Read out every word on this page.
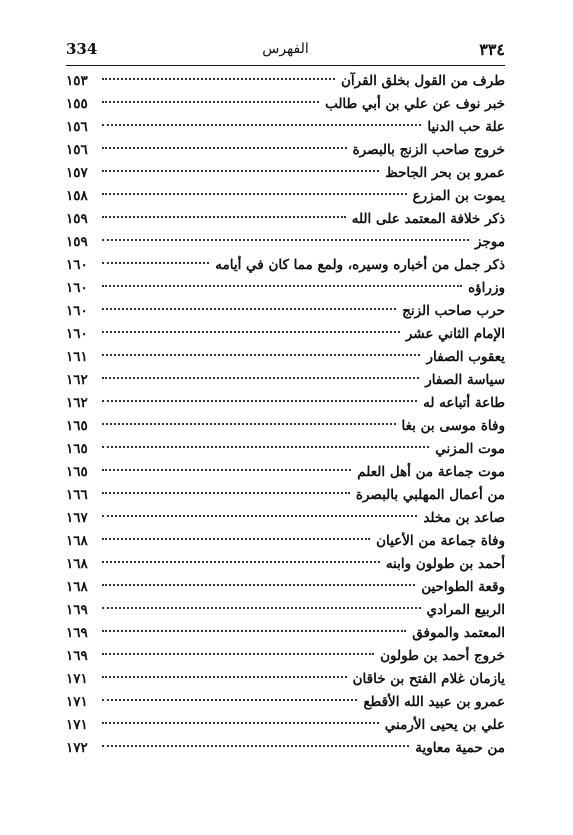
334	الفهرس	٣٣٤
طرف من القول بخلق القرآن
١٥٣
خبر نوف عن علي بن أبي طالب
١٥٥
علة حب الدنيا
١٥٦
خروج صاحب الزنج بالبصرة
١٥٦
عمرو بن بحر الجاحظ
١٥٧
يموت بن المزرع
١٥٨
ذكر خلافة المعتمد على الله
١٥٩
موجز
١٥٩
ذكر جمل من أخباره وسيره، ولمع مما كان في أيامه
١٦٠
وزراؤه
١٦٠
حرب صاحب الزنج
١٦٠
الإمام الثاني عشر
١٦٠
يعقوب الصفار
١٦١
سياسة الصفار
١٦٢
طاعة أتباعه له
١٦٢
وفاة موسى بن بغا
١٦٥
موت المزني
١٦٥
موت جماعة من أهل العلم
١٦٥
من أعمال المهلبي بالبصرة
١٦٦
صاعد بن مخلد
١٦٧
وفاة جماعة من الأعيان
١٦٨
أحمد بن طولون وابنه
١٦٨
وقعة الطواحين
١٦٨
الربيع المرادي
١٦٩
المعتمد والموفق
١٦٩
خروج أحمد بن طولون
١٦٩
يازمان غلام الفتح بن خاقان
١٧١
عمرو بن عبيد الله الأقطع
١٧١
علي بن يحيى الأرمني
١٧١
من حمية معاوية
١٧٢
